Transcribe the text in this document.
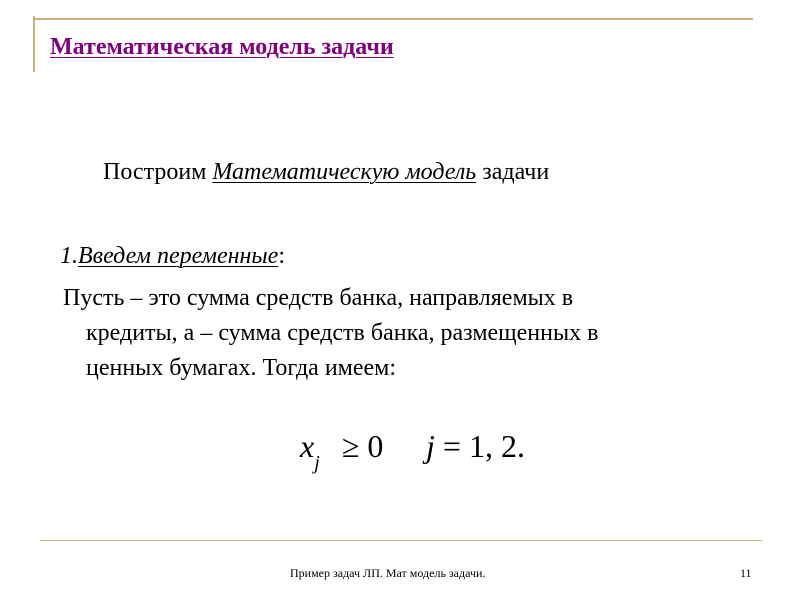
Математическая модель задачи
Построим Математическую модель задачи
1.Введем переменные:
Пусть – это сумма средств банка, направляемых в
кредиты, а – сумма средств банка, размещенных в
ценных бумагах. Тогда имеем:
$x_j \ge 0$ j = 1, 2.
Пример задач ЛП. Мат модель задачи.	11
